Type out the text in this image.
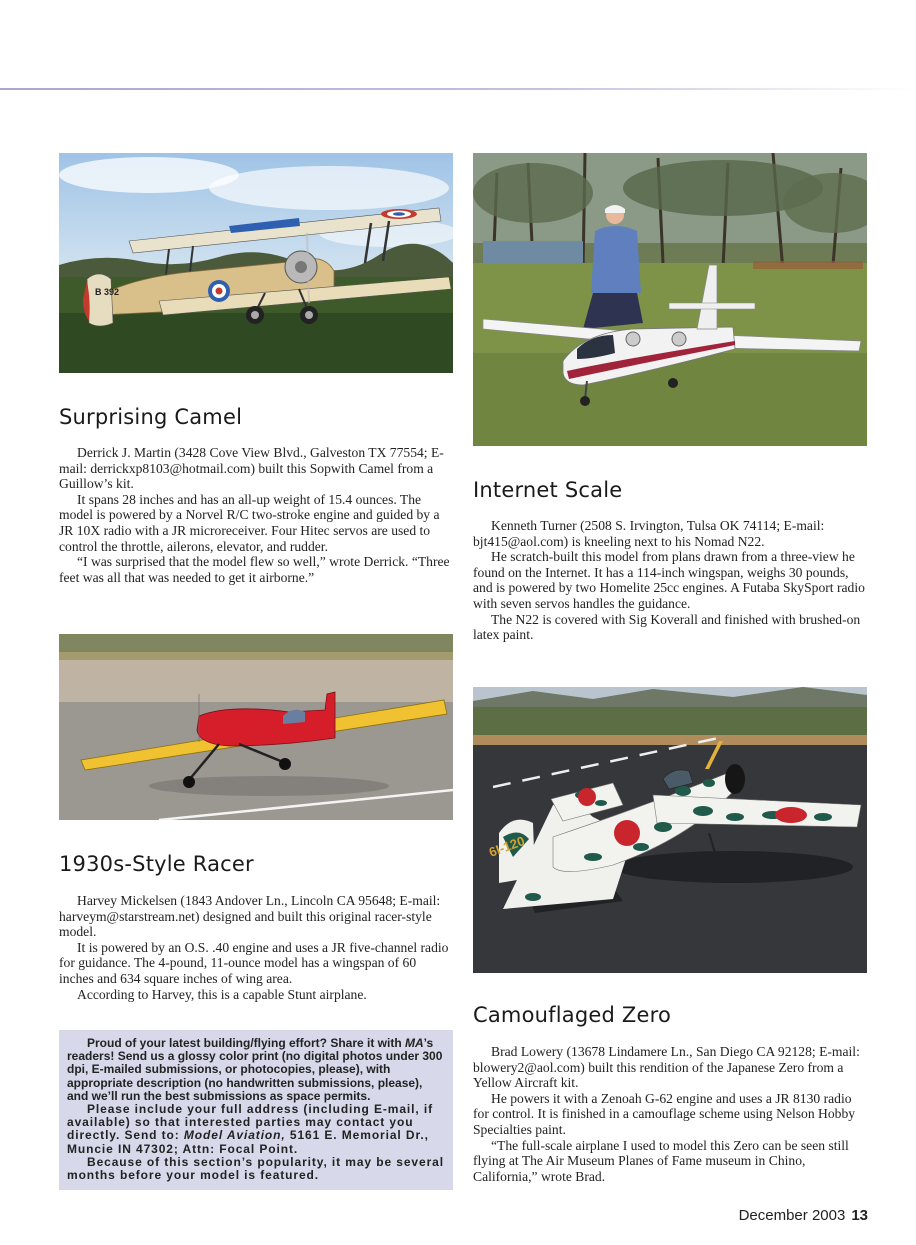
B 392
Surprising Camel

Derrick J. Martin (3428 Cove View Blvd., Galveston TX 77554; E-mail: derrickxp8103@hotmail.com) built this Sopwith Camel from a Guillow’s kit.

It spans 28 inches and has an all-up weight of 15.4 ounces. The model is powered by a Norvel R/C two-stroke engine and guided by a JR 10X radio with a JR microreceiver. Four Hitec servos are used to control the throttle, ailerons, elevator, and rudder.

“I was surprised that the model flew so well,” wrote Derrick. “Three feet was all that was needed to get it airborne.”

Internet Scale

Kenneth Turner (2508 S. Irvington, Tulsa OK 74114; E-mail: bjt415@aol.com) is kneeling next to his Nomad N22.

He scratch-built this model from plans drawn from a three-view he found on the Internet. It has a 114-inch wingspan, weighs 30 pounds, and is powered by two Homelite 25cc engines. A Futaba SkySport radio with seven servos handles the guidance.

The N22 is covered with Sig Koverall and finished with brushed-on latex paint.

6I-120
1930s-Style Racer

Harvey Mickelsen (1843 Andover Ln., Lincoln CA 95648; E-mail: harveym@starstream.net) designed and built this original racer-style model.

It is powered by an O.S. .40 engine and uses a JR five-channel radio for guidance. The 4-pound, 11-ounce model has a wingspan of 60 inches and 634 square inches of wing area.

According to Harvey, this is a capable Stunt airplane.

Camouflaged Zero

Brad Lowery (13678 Lindamere Ln., San Diego CA 92128; E-mail: blowery2@aol.com) built this rendition of the Japanese Zero from a Yellow Aircraft kit.

He powers it with a Zenoah G-62 engine and uses a JR 8130 radio for control. It is finished in a camouflage scheme using Nelson Hobby Specialties paint.

“The full-scale airplane I used to model this Zero can be seen still flying at The Air Museum Planes of Fame museum in Chino, California,” wrote Brad.

Proud of your latest building/flying effort? Share it with MA’s readers! Send us a glossy color print (no digital photos under 300 dpi, E-mailed submissions, or photocopies, please), with appropriate description (no handwritten submissions, please), and we’ll run the best submissions as space permits.

Please include your full address (including E-mail, if available) so that interested parties may contact you directly. Send to: Model Aviation, 5161 E. Memorial Dr., Muncie IN 47302; Attn: Focal Point.

Because of this section’s popularity, it may be several months before your model is featured.

December 2003 13
